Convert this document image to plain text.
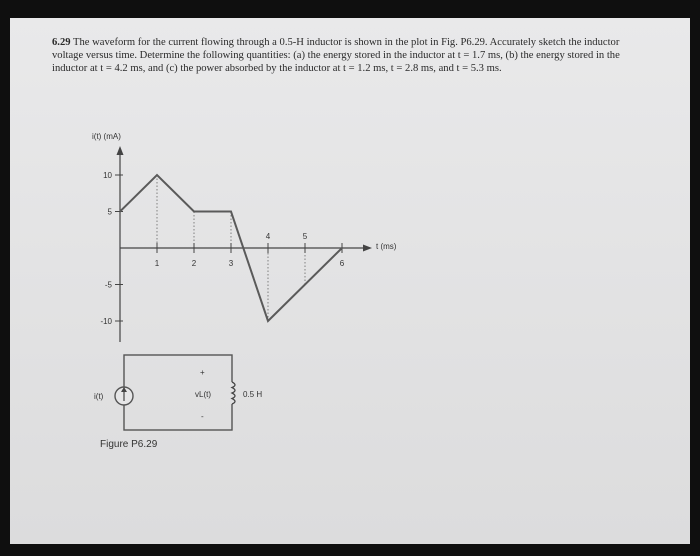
6.29 The waveform for the current flowing through a 0.5-H inductor is shown in the plot in Fig. P6.29. Accurately sketch the inductor voltage versus time. Determine the following quantities: (a) the energy stored in the inductor at t = 1.7 ms, (b) the energy stored in the inductor at t = 4.2 ms, and (c) the power absorbed by the inductor at t = 1.2 ms, t = 2.8 ms, and t = 5.3 ms.

i(t) (mA)
t (ms)
1	2	3
4	5
6
10
5
-5
-10
i(t)
+
vL(t)
-
0.5 H
Figure P6.29
